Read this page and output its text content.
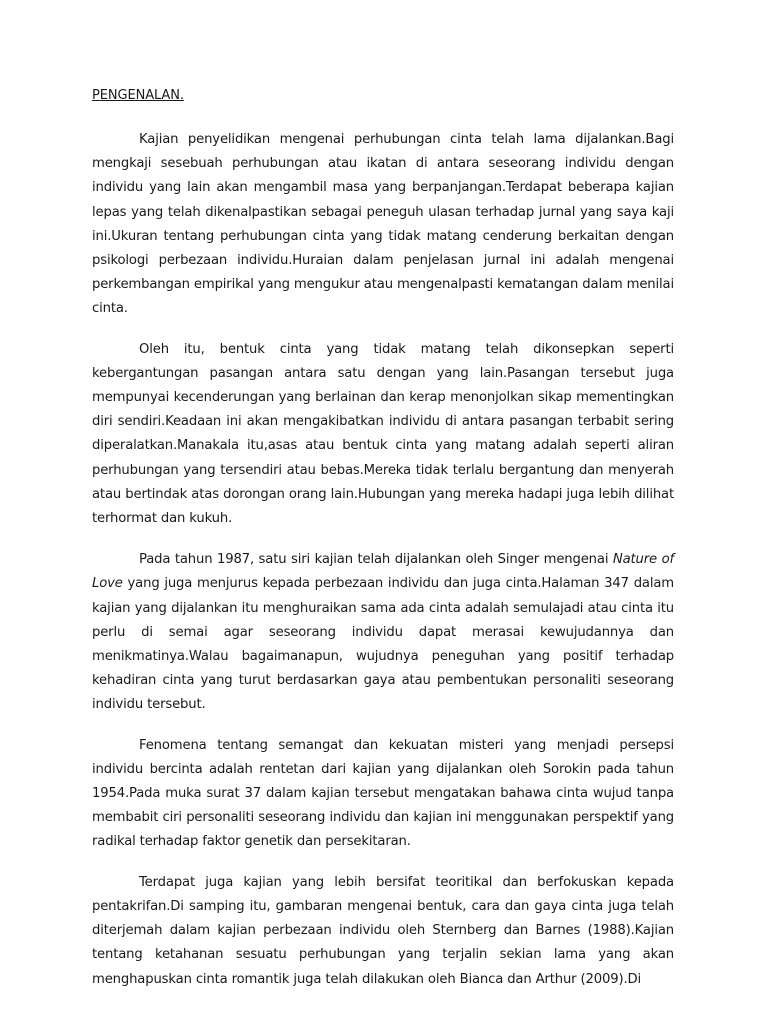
PENGENALAN.

Kajian penyelidikan mengenai perhubungan cinta telah lama dijalankan.Bagi mengkaji sesebuah perhubungan atau ikatan di antara seseorang individu dengan individu yang lain akan mengambil masa yang berpanjangan.Terdapat beberapa kajian lepas yang telah dikenalpastikan sebagai peneguh ulasan terhadap jurnal yang saya kaji ini.Ukuran tentang perhubungan cinta yang tidak matang cenderung berkaitan dengan psikologi perbezaan individu.Huraian dalam penjelasan jurnal ini adalah mengenai perkembangan empirikal yang mengukur atau mengenalpasti kematangan dalam menilai cinta.

Oleh itu, bentuk cinta yang tidak matang telah dikonsepkan seperti kebergantungan pasangan antara satu dengan yang lain.Pasangan tersebut juga mempunyai kecenderungan yang berlainan dan kerap menonjolkan sikap mementingkan diri sendiri.Keadaan ini akan mengakibatkan individu di antara pasangan terbabit sering diperalatkan.Manakala itu,asas atau bentuk cinta yang matang adalah seperti aliran perhubungan yang tersendiri atau bebas.Mereka tidak terlalu bergantung dan menyerah atau bertindak atas dorongan orang lain.Hubungan yang mereka hadapi juga lebih dilihat terhormat dan kukuh.

Pada tahun 1987, satu siri kajian telah dijalankan oleh Singer mengenai Nature of Love yang juga menjurus kepada perbezaan individu dan juga cinta.Halaman 347 dalam kajian yang dijalankan itu menghuraikan sama ada cinta adalah semulajadi atau cinta itu perlu di semai agar seseorang individu dapat merasai kewujudannya dan menikmatinya.Walau bagaimanapun, wujudnya peneguhan yang positif terhadap kehadiran cinta yang turut berdasarkan gaya atau pembentukan personaliti seseorang individu tersebut.

Fenomena tentang semangat dan kekuatan misteri yang menjadi persepsi individu bercinta adalah rentetan dari kajian yang dijalankan oleh Sorokin pada tahun 1954.Pada muka surat 37 dalam kajian tersebut mengatakan bahawa cinta wujud tanpa membabit ciri personaliti seseorang individu dan kajian ini menggunakan perspektif yang radikal terhadap faktor genetik dan persekitaran.

Terdapat juga kajian yang lebih bersifat teoritikal dan berfokuskan kepada pentakrifan.Di samping itu, gambaran mengenai bentuk, cara dan gaya cinta juga telah diterjemah dalam kajian perbezaan individu oleh Sternberg dan Barnes (1988).Kajian tentang ketahanan sesuatu perhubungan yang terjalin sekian lama yang akan menghapuskan cinta romantik juga telah dilakukan oleh Bianca dan Arthur (2009).Di
